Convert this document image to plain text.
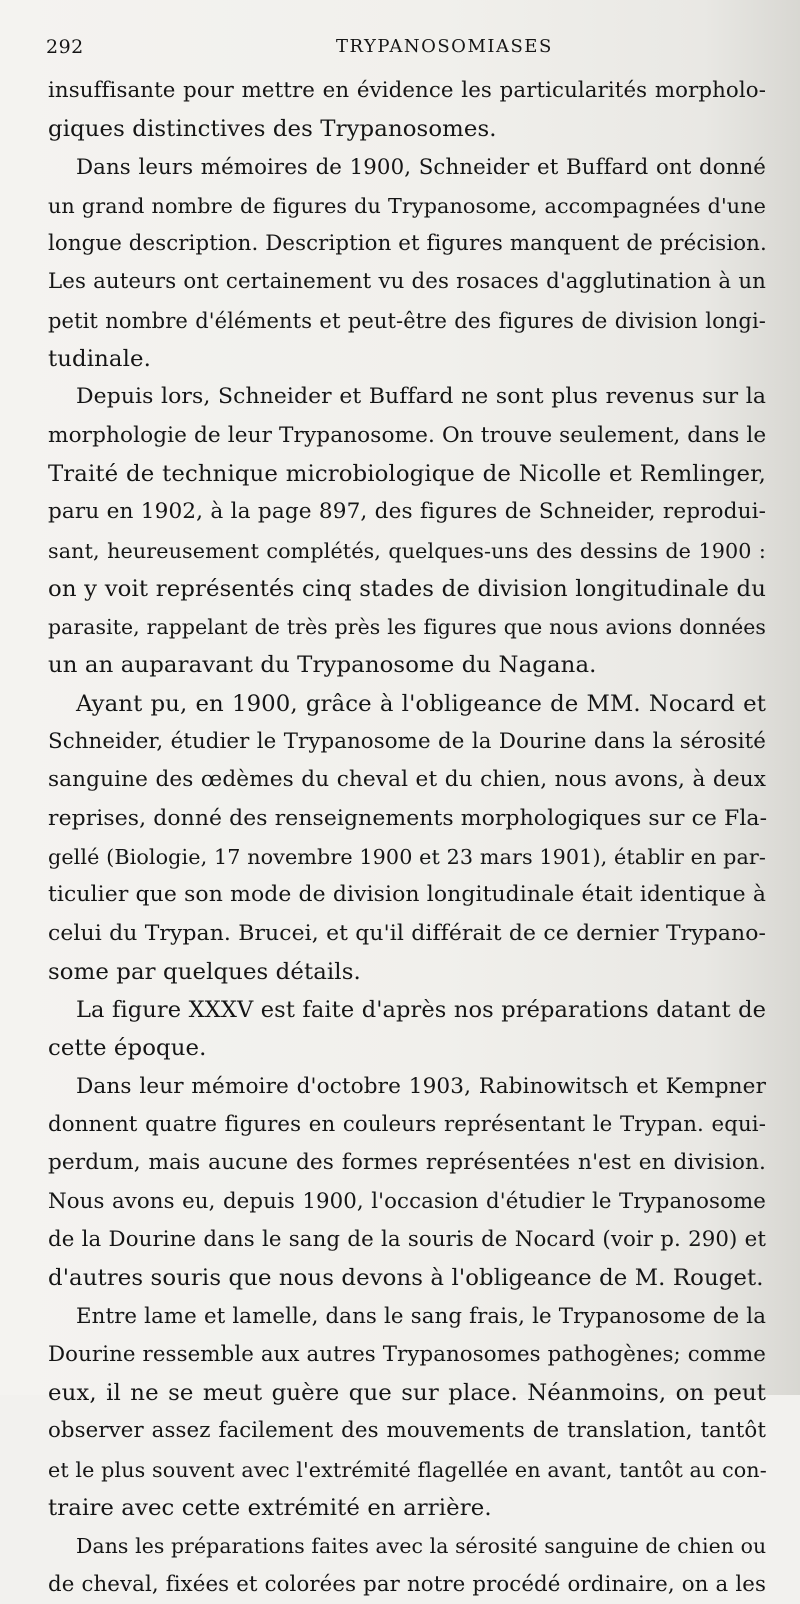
292	TRYPANOSOMIASES
insuffisante pour mettre en évidence les particularités morpholo-
giques distinctives des Trypanosomes.
Dans leurs mémoires de 1900, Schneider et Buffard ont donné
un grand nombre de figures du Trypanosome, accompagnées d'une
longue description. Description et figures manquent de précision.
Les auteurs ont certainement vu des rosaces d'agglutination à un
petit nombre d'éléments et peut-être des figures de division longi-
tudinale.
Depuis lors, Schneider et Buffard ne sont plus revenus sur la
morphologie de leur Trypanosome. On trouve seulement, dans le
Traité de technique microbiologique de Nicolle et Remlinger,
paru en 1902, à la page 897, des figures de Schneider, reprodui-
sant, heureusement complétés, quelques-uns des dessins de 1900 :
on y voit représentés cinq stades de division longitudinale du
parasite, rappelant de très près les figures que nous avions données
un an auparavant du Trypanosome du Nagana.
Ayant pu, en 1900, grâce à l'obligeance de MM. Nocard et
Schneider, étudier le Trypanosome de la Dourine dans la sérosité
sanguine des œdèmes du cheval et du chien, nous avons, à deux
reprises, donné des renseignements morphologiques sur ce Fla-
gellé (Biologie, 17 novembre 1900 et 23 mars 1901), établir en par-
ticulier que son mode de division longitudinale était identique à
celui du Trypan. Brucei, et qu'il différait de ce dernier Trypano-
some par quelques détails.
La figure XXXV est faite d'après nos préparations datant de
cette époque.
Dans leur mémoire d'octobre 1903, Rabinowitsch et Kempner
donnent quatre figures en couleurs représentant le Trypan. equi-
perdum, mais aucune des formes représentées n'est en division.
Nous avons eu, depuis 1900, l'occasion d'étudier le Trypanosome
de la Dourine dans le sang de la souris de Nocard (voir p. 290) et
d'autres souris que nous devons à l'obligeance de M. Rouget.
Entre lame et lamelle, dans le sang frais, le Trypanosome de la
Dourine ressemble aux autres Trypanosomes pathogènes; comme
eux, il ne se meut guère que sur place. Néanmoins, on peut
observer assez facilement des mouvements de translation, tantôt
et le plus souvent avec l'extrémité flagellée en avant, tantôt au con-
traire avec cette extrémité en arrière.
Dans les préparations faites avec la sérosité sanguine de chien ou
de cheval, fixées et colorées par notre procédé ordinaire, on a les
